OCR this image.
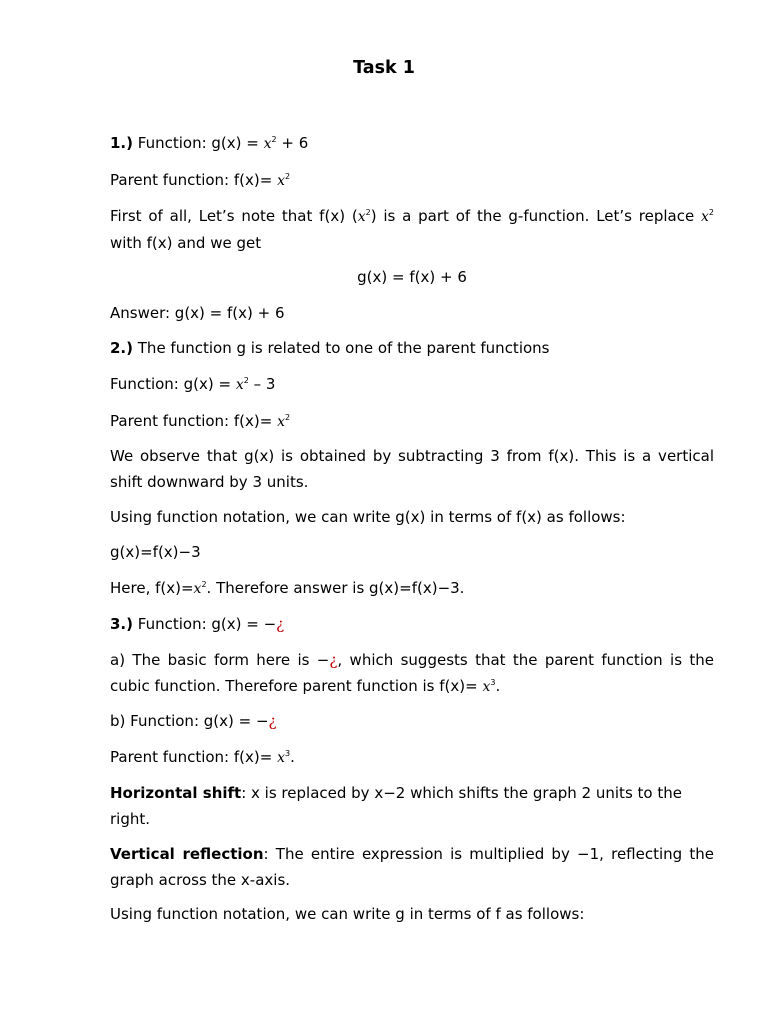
Task 1

1.) Function: $g(x) = x^2 + 6$

Parent function: $f(x)= x^2$

First of all, Let’s note that f(x) $(x^2)$ is a part of the g-function. Let’s replace $x^2$ with f(x) and we get

g(x) = f(x) + 6

Answer: g(x) = f(x) + 6

2.) The function g is related to one of the parent functions

Function: $g(x) = x^2 - 3$

Parent function: $f(x)= x^2$

We observe that g(x) is obtained by subtracting 3 from f(x). This is a vertical shift downward by 3 units.

Using function notation, we can write g(x) in terms of f(x) as follows:

g(x)=f(x)−3

Here, $f(x)=x^2$. Therefore answer is g(x)=f(x)−3.

3.) Function: g(x) = −¿

a) The basic form here is −¿, which suggests that the parent function is the cubic function. Therefore parent function is $f(x)= x^3$.

b) Function: g(x) = −¿

Parent function: $f(x)= x^3$.

Horizontal shift: x is replaced by x−2 which shifts the graph 2 units to the right.

Vertical reflection: The entire expression is multiplied by −1, reflecting the graph across the x-axis.

Using function notation, we can write g in terms of f as follows:
